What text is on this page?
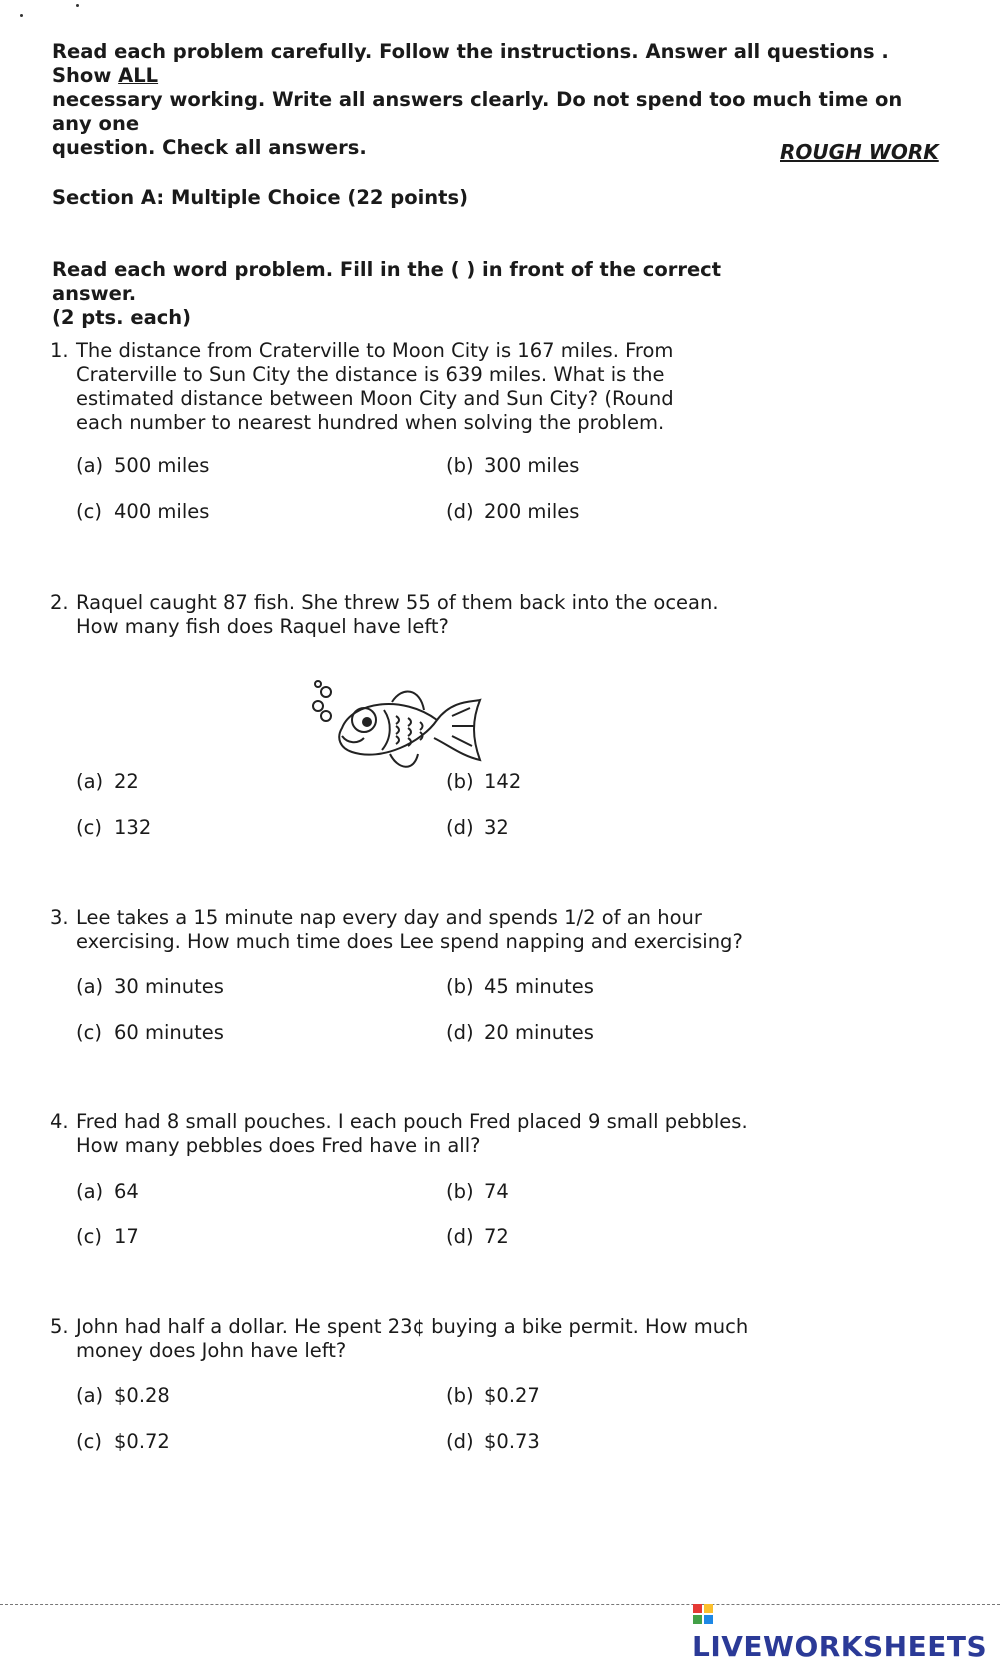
Read each problem carefully. Follow the instructions. Answer all questions . Show ALL
necessary working. Write all answers clearly. Do not spend too much time on any one
question. Check all answers.	ROUGH WORK
Section A: Multiple Choice (22 points)
Read each word problem. Fill in the ( ) in front of the correct answer.
(2 pts. each)
1. The distance from Craterville to Moon City is 167 miles. From
Craterville to Sun City the distance is 639 miles. What is the
estimated distance between Moon City and Sun City? (Round
each number to nearest hundred when solving the problem.
(a) 500 miles	(b) 300 miles
(c) 400 miles	(d) 200 miles
2. Raquel caught 87 fish. She threw 55 of them back into the ocean.
How many fish does Raquel have left?
(a) 22	(b) 142
(c) 132	(d) 32
3. Lee takes a 15 minute nap every day and spends 1/2 of an hour
exercising. How much time does Lee spend napping and exercising?
(a) 30 minutes	(b) 45 minutes
(c) 60 minutes	(d) 20 minutes
4. Fred had 8 small pouches. I each pouch Fred placed 9 small pebbles.
How many pebbles does Fred have in all?
(a) 64	(b) 74
(c) 17	(d) 72
5. John had half a dollar. He spent 23¢ buying a bike permit. How much
money does John have left?
(a) $0.28	(b) $0.27
(c) $0.72	(d) $0.73
LIVEWORKSHEETS
